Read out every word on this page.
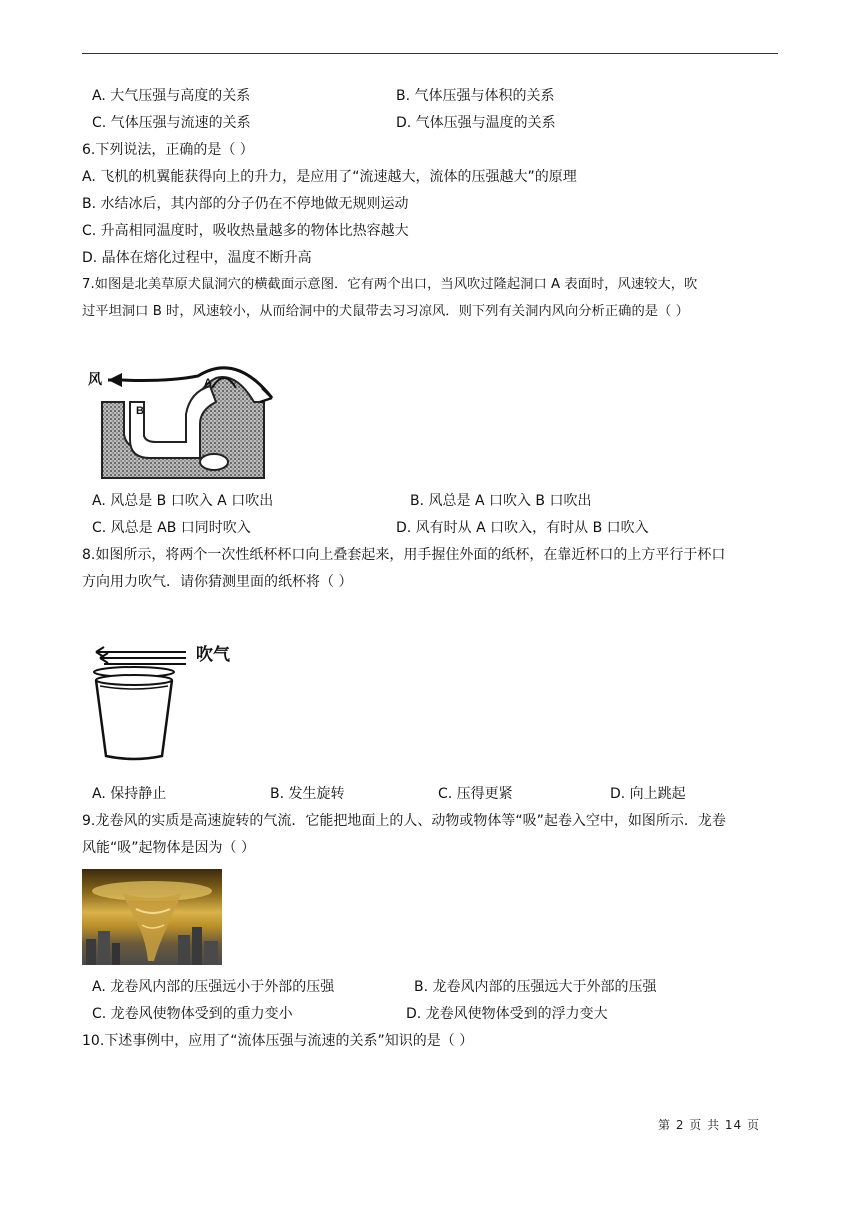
A. 大气压强与高度的关系	B. 气体压强与体积的关系
C. 气体压强与流速的关系	D. 气体压强与温度的关系
6.下列说法，正确的是（ ）
A. 飞机的机翼能获得向上的升力，是应用了“流速越大，流体的压强越大”的原理
B. 水结冰后，其内部的分子仍在不停地做无规则运动
C. 升高相同温度时，吸收热量越多的物体比热容越大
D. 晶体在熔化过程中，温度不断升高
7.如图是北美草原犬鼠洞穴的横截面示意图．它有两个出口，当风吹过隆起洞口 A 表面时，风速较大，吹
过平坦洞口 B 时，风速较小，从而给洞中的犬鼠带去习习凉风．则下列有关洞内风向分析正确的是（ ）
风	A
B
A. 风总是 B 口吹入 A 口吹出	B. 风总是 A 口吹入 B 口吹出
C. 风总是 AB 口同时吹入	D. 风有时从 A 口吹入，有时从 B 口吹入
8.如图所示，将两个一次性纸杯杯口向上叠套起来，用手握住外面的纸杯，在靠近杯口的上方平行于杯口
方向用力吹气．请你猜测里面的纸杯将（ ）
吹气
A. 保持静止	B. 发生旋转	C. 压得更紧	D. 向上跳起
9.龙卷风的实质是高速旋转的气流．它能把地面上的人、动物或物体等“吸”起卷入空中，如图所示．龙卷
风能“吸”起物体是因为（ ）
A. 龙卷风内部的压强远小于外部的压强	B. 龙卷风内部的压强远大于外部的压强
C. 龙卷风使物体受到的重力变小	D. 龙卷风使物体受到的浮力变大
10.下述事例中，应用了“流体压强与流速的关系”知识的是（ ）
第 2 页 共 14 页
